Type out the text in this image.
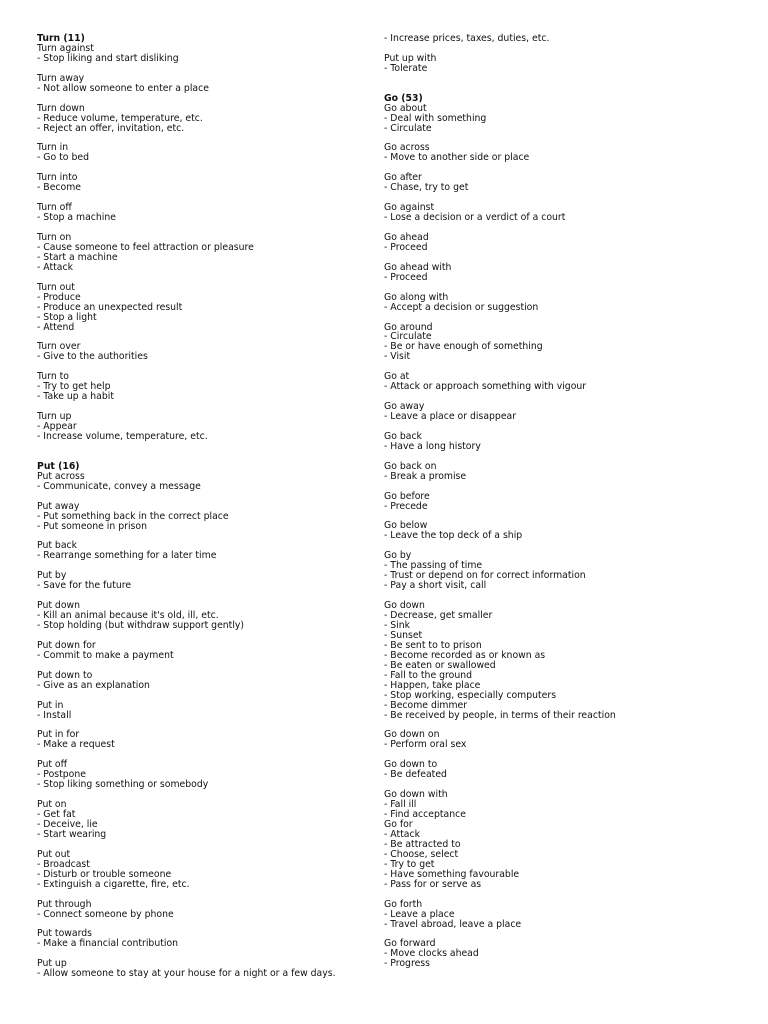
Turn (11)
Turn against
- Stop liking and start disliking
Turn away
- Not allow someone to enter a place
Turn down
- Reduce volume, temperature, etc.
- Reject an offer, invitation, etc.
Turn in
- Go to bed
Turn into
- Become
Turn off
- Stop a machine
Turn on
- Cause someone to feel attraction or pleasure
- Start a machine
- Attack
Turn out
- Produce
- Produce an unexpected result
- Stop a light
- Attend
Turn over
- Give to the authorities
Turn to
- Try to get help
- Take up a habit
Turn up
- Appear
- Increase volume, temperature, etc.
Put (16)
Put across
- Communicate, convey a message
Put away
- Put something back in the correct place
- Put someone in prison
Put back
- Rearrange something for a later time
Put by
- Save for the future
Put down
- Kill an animal because it's old, ill, etc.
- Stop holding (but withdraw support gently)
Put down for
- Commit to make a payment
Put down to
- Give as an explanation
Put in
- Install
Put in for
- Make a request
Put off
- Postpone
- Stop liking something or somebody
Put on
- Get fat
- Deceive, lie
- Start wearing
Put out
- Broadcast
- Disturb or trouble someone
- Extinguish a cigarette, fire, etc.
Put through
- Connect someone by phone
Put towards
- Make a financial contribution
Put up
- Allow someone to stay at your house for a night or a few days.
- Increase prices, taxes, duties, etc.
Put up with
- Tolerate
Go (53)
Go about
- Deal with something
- Circulate
Go across
- Move to another side or place
Go after
- Chase, try to get
Go against
- Lose a decision or a verdict of a court
Go ahead
- Proceed
Go ahead with
- Proceed
Go along with
- Accept a decision or suggestion
Go around
- Circulate
- Be or have enough of something
- Visit
Go at
- Attack or approach something with vigour
Go away
- Leave a place or disappear
Go back
- Have a long history
Go back on
- Break a promise
Go before
- Precede
Go below
- Leave the top deck of a ship
Go by
- The passing of time
- Trust or depend on for correct information
- Pay a short visit, call
Go down
- Decrease, get smaller
- Sink
- Sunset
- Be sent to to prison
- Become recorded as or known as
- Be eaten or swallowed
- Fall to the ground
- Happen, take place
- Stop working, especially computers
- Become dimmer
- Be received by people, in terms of their reaction
Go down on
- Perform oral sex
Go down to
- Be defeated
Go down with
- Fall ill
- Find acceptance
Go for
- Attack
- Be attracted to
- Choose, select
- Try to get
- Have something favourable
- Pass for or serve as
Go forth
- Leave a place
- Travel abroad, leave a place
Go forward
- Move clocks ahead
- Progress
